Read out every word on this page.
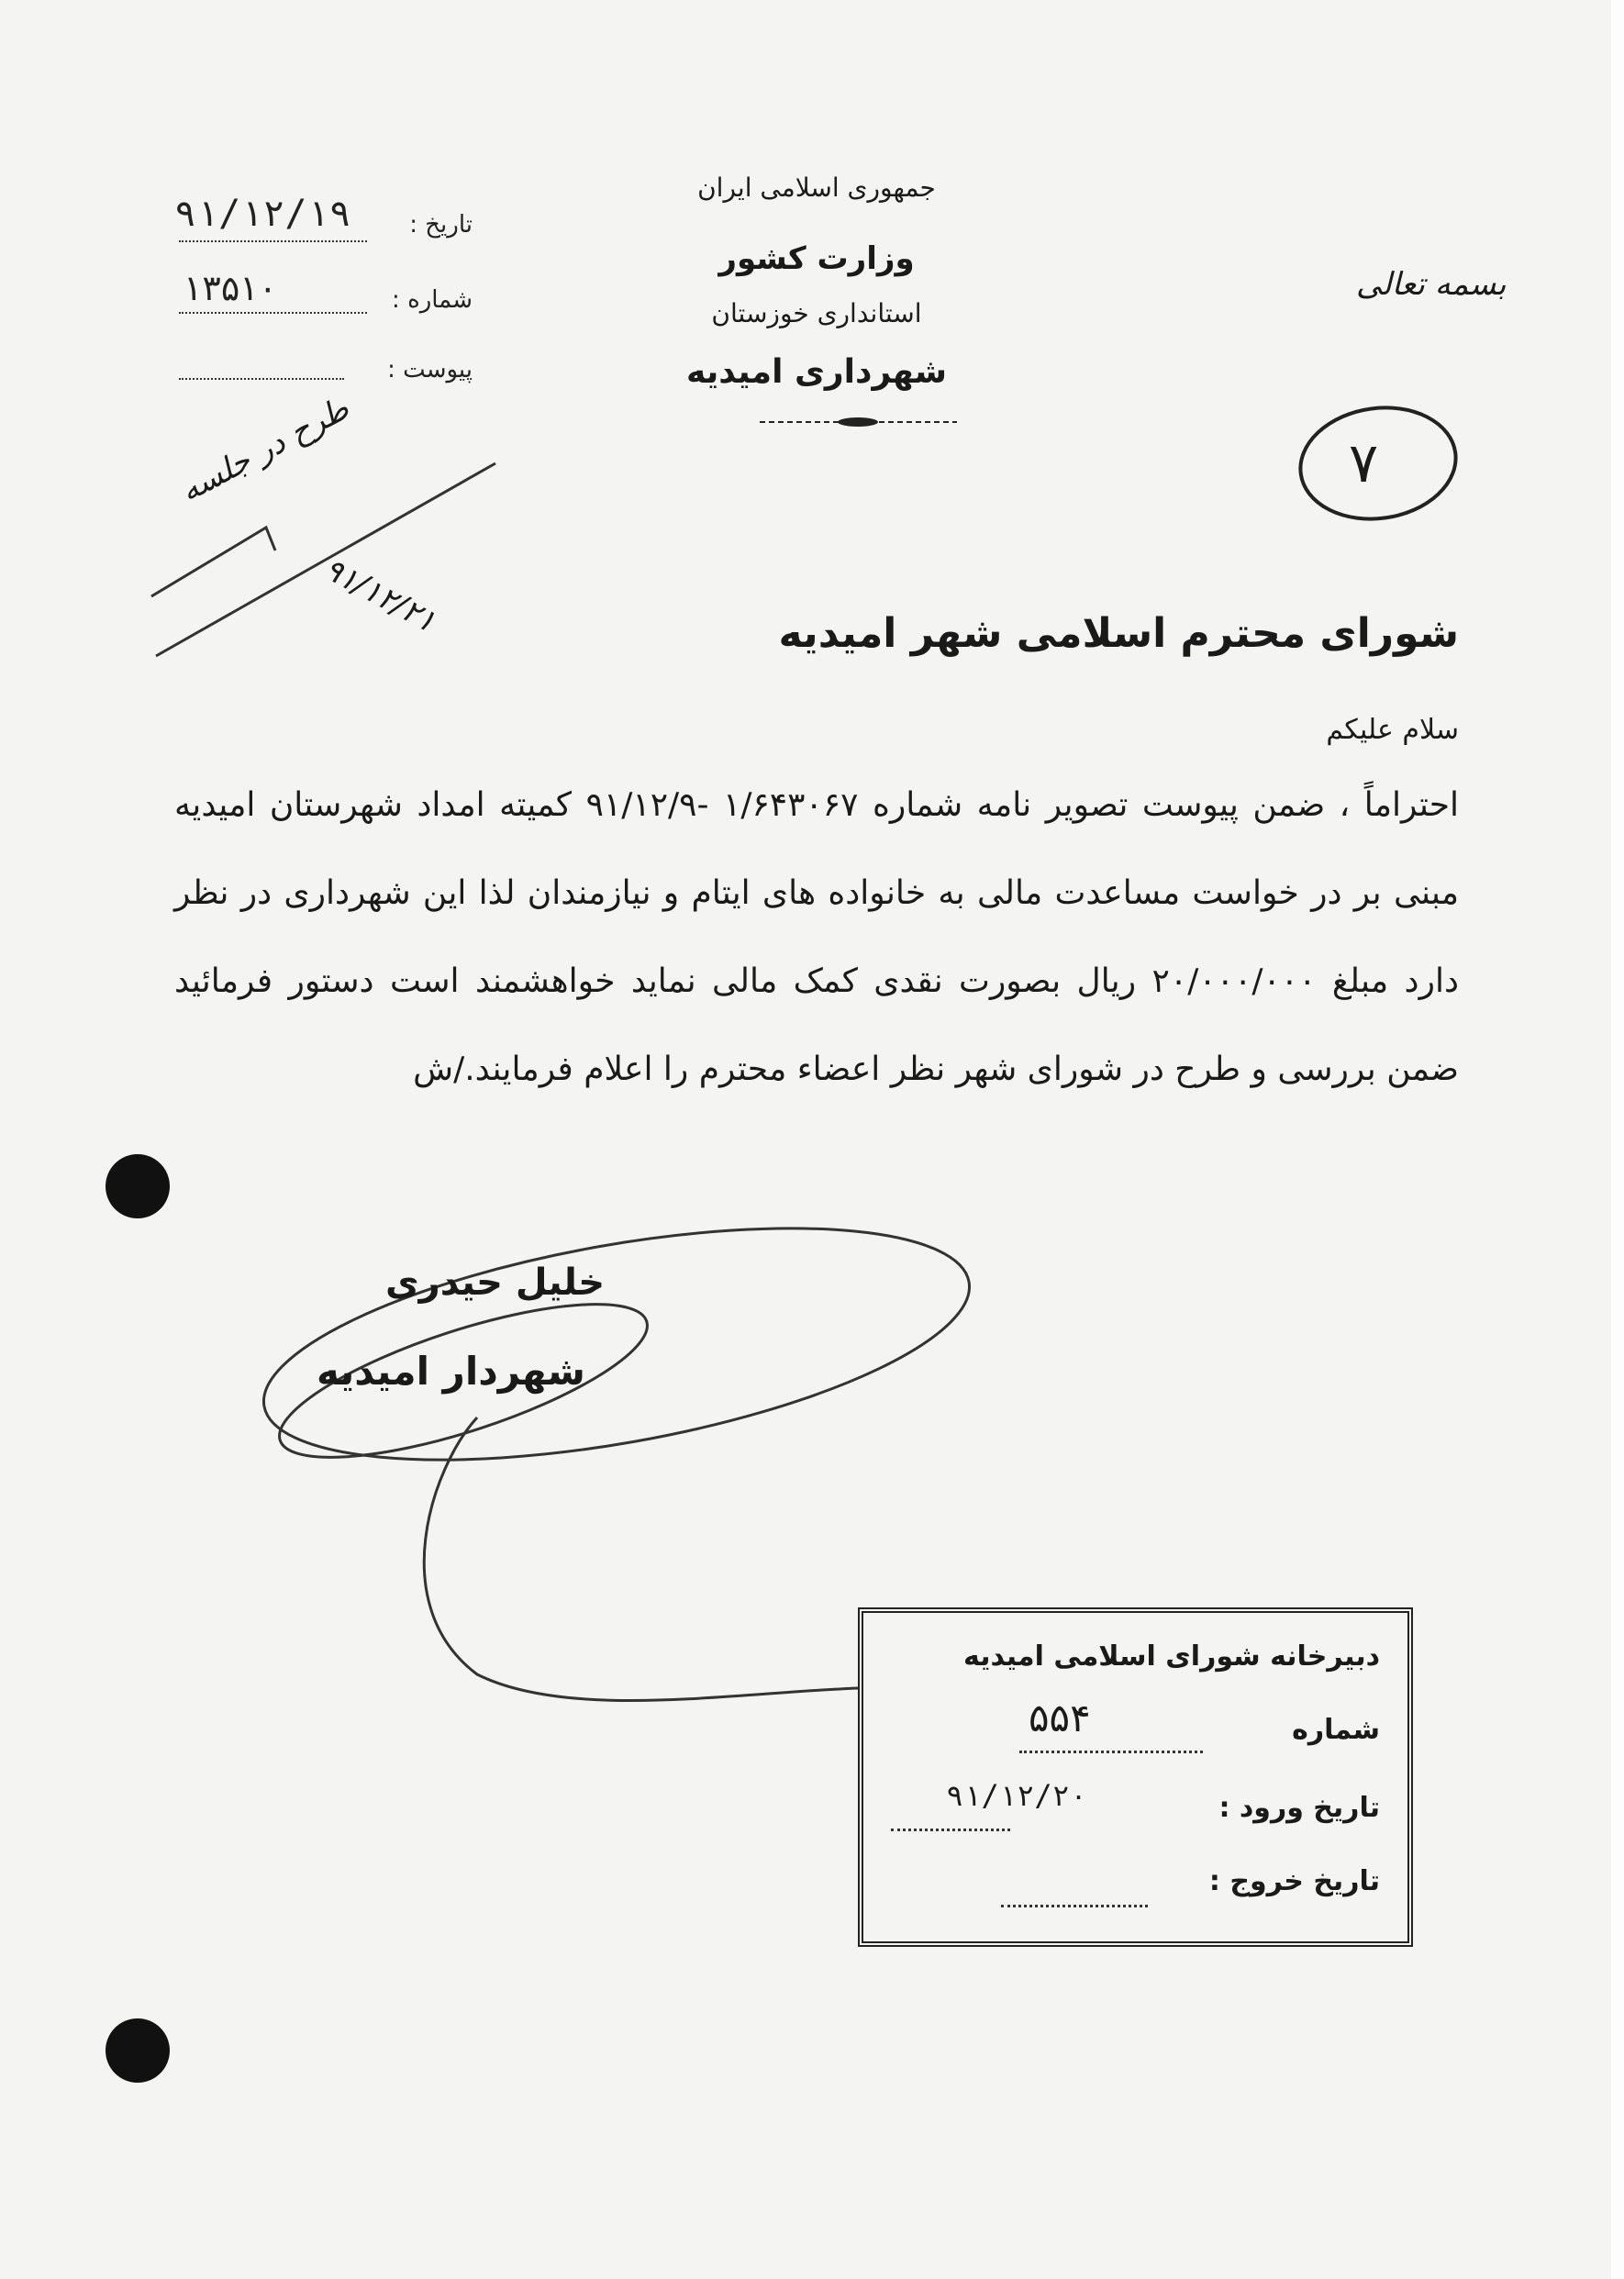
جمهوری اسلامی ایران
وزارت کشور
استانداری خوزستان
شهرداری امیدیه
بسمه تعالی
تاریخ :
۹۱/۱۲/۱۹
شماره :
۱۳۵۱۰
پیوست :
طرح در جلسه
۹۱/۱۲/۲۱
۷
شورای محترم اسلامی شهر امیدیه
سلام علیکم
احتراماً ، ضمن پیوست تصویر نامه شماره ۱/۶۴۳۰۶۷ -۹۱/۱۲/۹ کمیته امداد شهرستان امیدیه مبنی بر در خواست مساعدت مالی به خانواده های ایتام و نیازمندان لذا این شهرداری در نظر دارد مبلغ ۲۰/۰۰۰/۰۰۰ ریال بصورت نقدی کمک مالی نماید خواهشمند است دستور فرمائید ضمن بررسی و طرح در شورای شهر نظر اعضاء محترم را اعلام فرمایند./ش
خلیل حیدری
شهردار امیدیه
دبیرخانه شورای اسلامی امیدیه
شماره
۵۵۴
تاریخ ورود :
۹۱/۱۲/۲۰
تاریخ خروج :
